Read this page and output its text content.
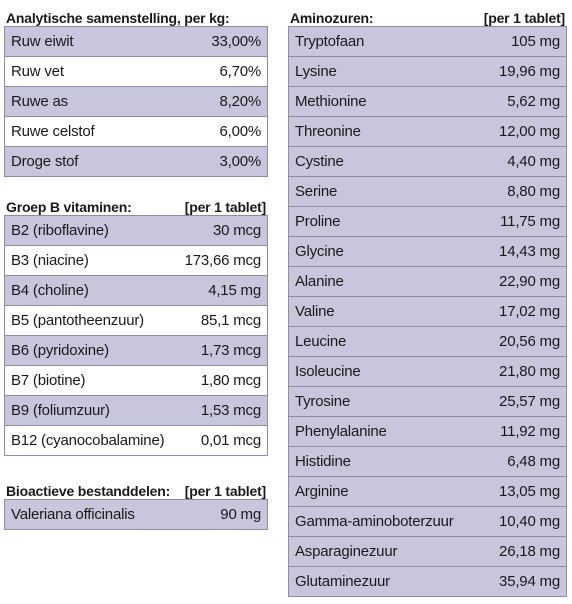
Analytische samenstelling, per kg:
Ruw eiwit	33,00%
Ruw vet	6,70%
Ruwe as	8,20%
Ruwe celstof	6,00%
Droge stof	3,00%
Groep B vitaminen:	[per 1 tablet]
B2 (riboflavine)	30 mcg
B3 (niacine)	173,66 mcg
B4 (choline)	4,15 mg
B5 (pantotheenzuur)	85,1 mcg
B6 (pyridoxine)	1,73 mcg
B7 (biotine)	1,80 mcg
B9 (foliumzuur)	1,53 mcg
B12 (cyanocobalamine)	0,01 mcg
Bioactieve bestanddelen: [per 1 tablet]
Valeriana officinalis	90 mg
Aminozuren:	[per 1 tablet]
Tryptofaan	105 mg
Lysine	19,96 mg
Methionine	5,62 mg
Threonine	12,00 mg
Cystine	4,40 mg
Serine	8,80 mg
Proline	11,75 mg
Glycine	14,43 mg
Alanine	22,90 mg
Valine	17,02 mg
Leucine	20,56 mg
Isoleucine	21,80 mg
Tyrosine	25,57 mg
Phenylalanine	11,92 mg
Histidine	6,48 mg
Arginine	13,05 mg
Gamma-aminoboterzuur	10,40 mg
Asparaginezuur	26,18 mg
Glutaminezuur	35,94 mg
